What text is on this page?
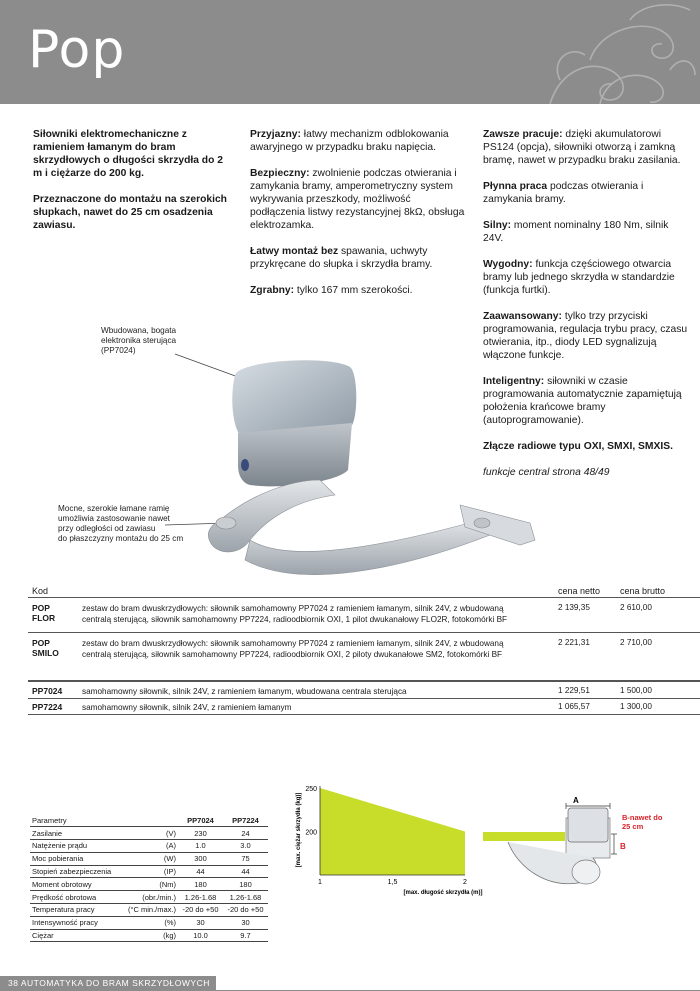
Pop

Siłowniki elektromechaniczne z ramieniem łamanym do bram skrzydłowych o długości skrzydła do 2 m i ciężarze do 200 kg.

Przeznaczone do montażu na szerokich słupkach, nawet do 25 cm osadzenia zawiasu.

Przyjazny: łatwy mechanizm odblokowania awaryjnego w przypadku braku napięcia.

Bezpieczny: zwolnienie podczas otwierania i zamykania bramy, amperometryczny system wykrywania przeszkody, możliwość podłączenia listwy rezystancyjnej 8kΩ, obsługa elektrozamka.

Łatwy montaż bez spawania, uchwyty przykręcane do słupka i skrzydła bramy.

Zgrabny: tylko 167 mm szerokości.

Zawsze pracuje: dzięki akumulatorowi PS124 (opcja), siłowniki otworzą i zamkną bramę, nawet w przypadku braku zasilania.

Płynna praca podczas otwierania i zamykania bramy.

Silny: moment nominalny 180 Nm, silnik 24V.

Wygodny: funkcja częściowego otwarcia bramy lub jednego skrzydła w standardzie (funkcja furtki).

Zaawansowany: tylko trzy przyciski programowania, regulacja trybu pracy, czasu otwierania, itp., diody LED sygnalizują włączone funkcje.

Inteligentny: siłowniki w czasie programowania automatycznie zapamiętują położenia krańcowe bramy (autoprogramowanie).

Złącze radiowe typu OXI, SMXI, SMXIS.

funkcje central strona 48/49

Wbudowana, bogata
elektronika sterująca
(PP7024)
Mocne, szerokie łamane ramię
umożliwia zastosowanie nawet
przy odległości od zawiasu
do płaszczyzny montażu do 25 cm
Kod	cena netto cena brutto
POP
FLOR
zestaw do bram dwuskrzydłowych: siłownik samohamowny PP7024 z ramieniem łamanym, silnik 24V, z wbudowaną
centralą sterującą, siłownik samohamowny PP7224, radioodbiornik OXI, 1 pilot dwukanałowy FLO2R, fotokomórki BF
2 139,35	2 610,00
POP
SMILO
zestaw do bram dwuskrzydłowych: siłownik samohamowny PP7024 z ramieniem łamanym, silnik 24V, z wbudowaną
centralą sterującą, siłownik samohamowny PP7224, radioodbiornik OXI, 2 piloty dwukanałowe SM2, fotokomórki BF
2 221,31	2 710,00
PP7024 samohamowny siłownik, silnik 24V, z ramieniem łamanym, wbudowana centrala sterująca	1 229,51	1 500,00
PP7224 samohamowny siłownik, silnik 24V, z ramieniem łamanym	1 065,57	1 300,00
Parametry		PP7024	PP7224
Zasilanie	(V)	230	24
Natężenie prądu	(A)	1.0	3.0
Moc pobierania	(W)	300	75
Stopień zabezpieczenia	(IP)	44	44
Moment obrotowy	(Nm)	180	180
Prędkość obrotowa	(obr./min.)	1.26-1.68	1.26-1.68
Temperatura pracy	(°C min./max.)	-20 do +50	-20 do +50
Intensywność pracy	(%)	30	30
Ciężar	(kg)	10.0	9.7
250
200
1	1,5	2
[max. długość skrzydła (m)]
[max. ciężar skrzydła (kg)]	A
B
B-nawet do
25 cm
38 AUTOMATYKA DO BRAM SKRZYDŁOWYCH
